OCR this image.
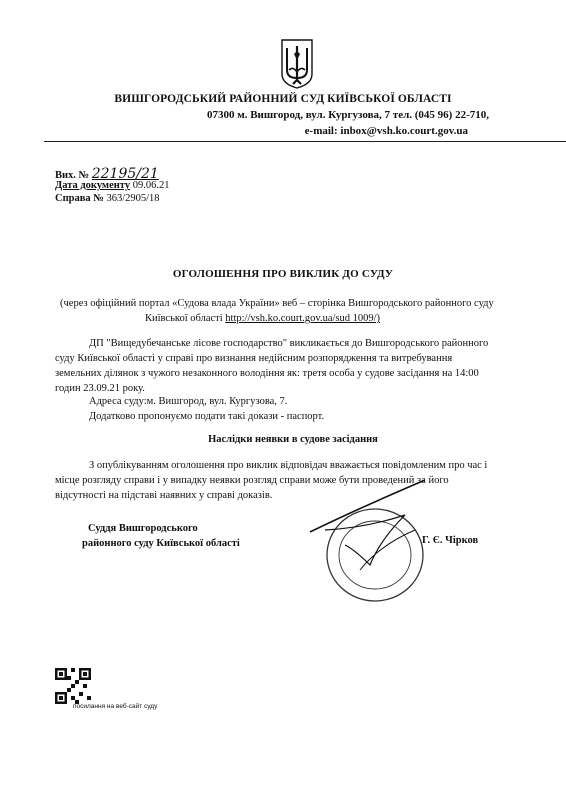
ВИШГОРОДСЬКИЙ РАЙОННИЙ СУД КИЇВСЬКОЇ ОБЛАСТІ
07300 м. Вишгород, вул. Кургузова, 7 тел. (045 96) 22-710,
e-mail: inbox@vsh.ko.court.gov.ua
Вих. № 22195/21
Дата документу 09.06.21
Справа № 363/2905/18
ОГОЛОШЕННЯ ПРО ВИКЛИК ДО СУДУ
(через офіційний портал «Судова влада України» веб – сторінка Вишгородського районного суду
Київської області http://vsh.ko.court.gov.ua/sud 1009/)
ДП "Вищедубечанське лісове господарство" викликається до Вишгородського районного
суду Київської області у справі про визнання недійсним розпорядження та витребування
земельних ділянок з чужого незаконного володіння як: третя особа у судове засідання на 14:00
годин 23.09.21 року.
Адреса суду:м. Вишгород, вул. Кургузова, 7.
Додатково пропонуємо подати такі докази - паспорт.
Наслідки неявки в судове засідання
З опублікуванням оголошення про виклик відповідач вважається повідомленим про час і
місце розгляду справи і у випадку неявки розгляд справи може бути проведений за його
відсутності на підставі наявних у справі доказів.
Суддя Вишгородського
районного суду Київської області	Г. Є. Чірков
посилання на веб-сайт суду
